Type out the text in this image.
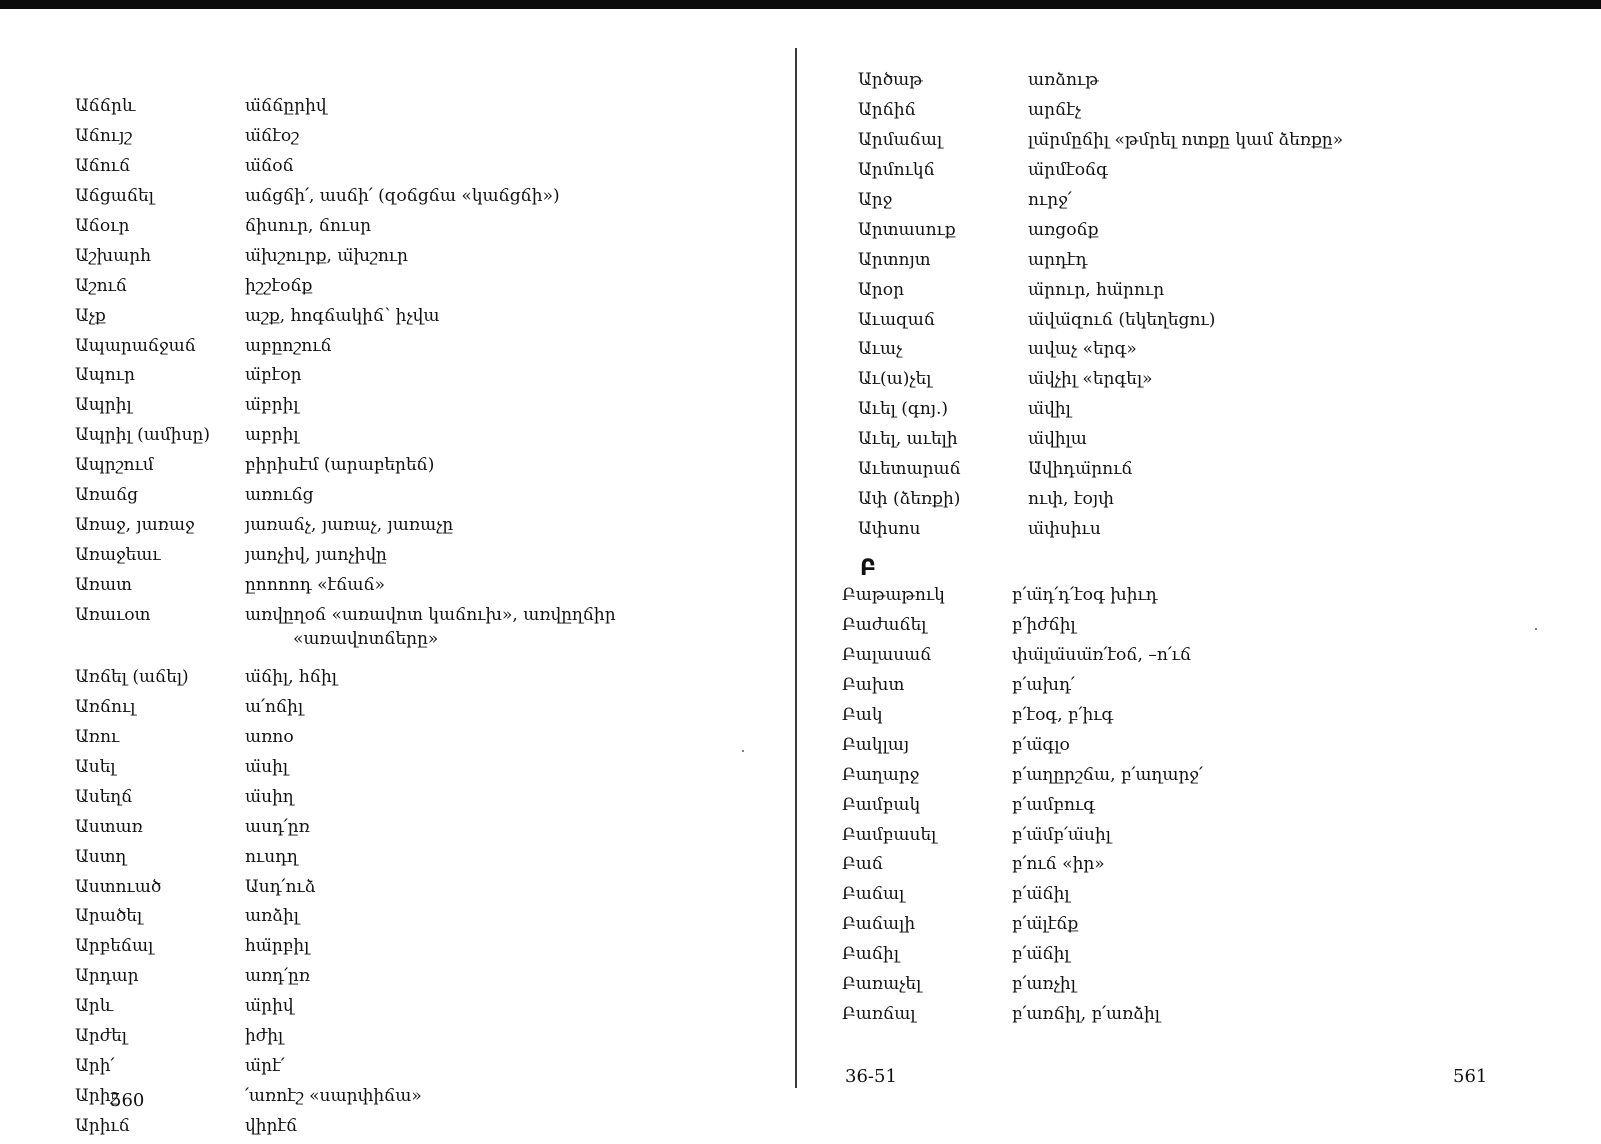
Աճճրև	ա̈ճճըրիվ
Աճույշ	ա̈ճէօշ
Աճուճ	ա̈ճօճ
Աճցաճել	աճցճի՛, ասճի՛ (զօճցճա «կաճցճի»)
Աճօւր	ճիսուր, ճուսր
Աշխարհ	ա̈խշուրք, ա̈խշուր
Աշուճ	իշշէօճք
Աչք	աշք, հոգճակիճ՝ իչվա
Ապարաճջաճ	աբըոշուճ
Ապուր	ա̈բէօր
Ապրիլ	ա̈բրիլ
Ապրիլ (ամիսը)	աբրիլ
Ապրշում	բիրիսէմ (արաբերեճ)
Առաճց	առուճց
Առաջ, յառաջ	յառաճչ, յառաչ, յառաչը
Առաջեաւ	յաոչիվ, յաոչիվը
Առատ	ըոոոոդ «էճաճ»
Առաւօտ	առվըղօճ «առավոտ կաճուխ», առվըղճիր
«առավոտճերը»
Առճել (աճել)	ա̈ճիլ, հճիլ
Առճուլ	ա՛ոճիլ
Առու	առոօ
Ասել	ա̈սիլ
Ասեղճ	ա̈սիղ
Աստառ	ասդ՛ըռ
Աստղ	ուսդղ
Աստուած	Ասդ՛ուձ
Արածել	առձիլ
Արբեճալ	հա̈րբիլ
Արդար	առդ՛ըռ
Արև	ա̈րիվ
Արժել	իժիլ
Արի՛	ա̈րէ՛
Արիշ	՛առոէշ «սարփիճա»
Արիւճ	վիրէճ
560
Արծաթ	առձութ
Արճիճ	արճէչ
Արմաճալ	լա̈րմըճիլ «թմրել ոտքը կամ ձեռքը»
Արմուկճ	ա̈րմէօճգ
Արջ	ուրջ՛
Արտասուք	առցօճք
Արտոյտ	արդէդ
Արօր	ա̈րուր, հա̈րուր
Աւազաճ	ա̈վա̈զուճ (եկեղեցու)
Աւաչ	ավաչ «երգ»
Աւ(ա)չել	ա̈վչիլ «երգել»
Աւել (գոյ.)	ա̈վիլ
Աւել, աւելի	ա̈վիլա
Աւետարաճ	Ա̈վիդա̈րուճ
Ափ (ձեռքի)	ուփ, էօյփ
Ափսոս	ա̈փսիւս
Բ
Բաթաթուկ	բ՛ա̈դ՛դ՛էօգ խիւդ
Բաժաճել	բ՛իժճիլ
Բալասաճ	փա̈լա̈սա̈ռ՛էօճ, –ո՛ւճ
Բախտ	բ՛ախդ՛
Բակ	բ՛էօգ, բ՛իւգ
Բակլայ	բ՛ա̈գլօ
Բաղարջ	բ՛աղըրշճա, բ՛աղարջ՛
Բամբակ	բ՛ամբուգ
Բամբասել	բ՛ա̈մբ՛ա̈սիլ
Բաճ	բ՛ուճ «իր»
Բաճալ	բ՛ա̈ճիլ
Բաճալի	բ՛ա̈լէճք
Բաճիլ	բ՛ա̈ճիլ
Բառաչել	բ՛առչիլ
Բառճալ	բ՛առճիլ, բ՛առձիլ
36-51	561
